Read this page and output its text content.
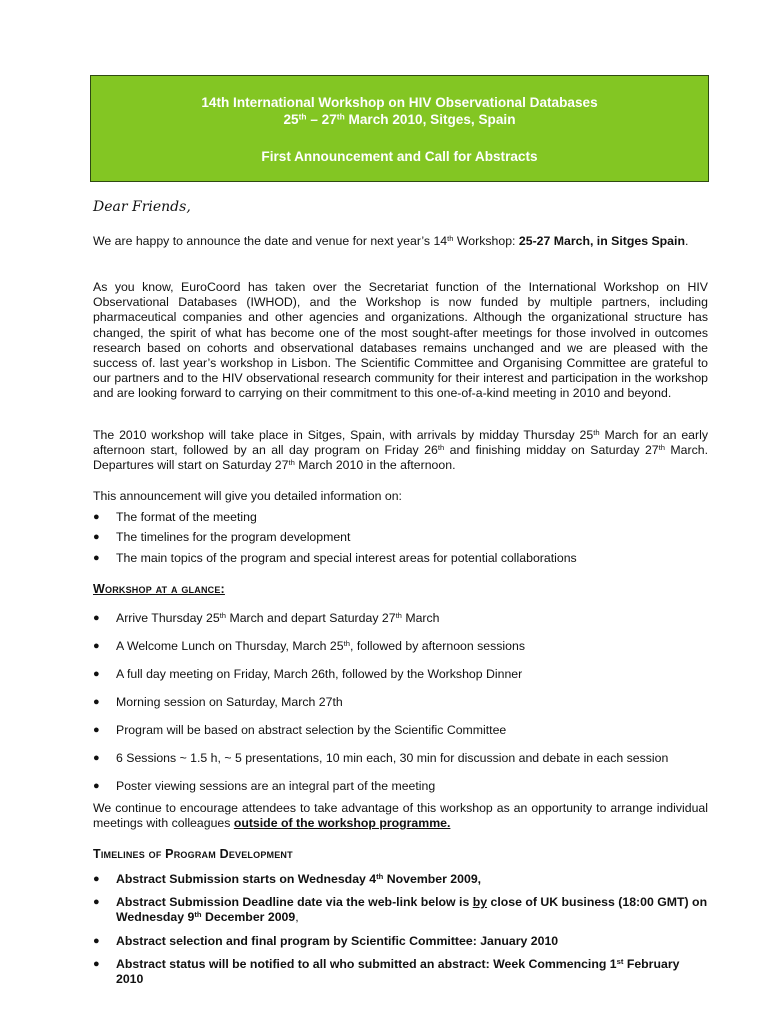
14th International Workshop on HIV Observational Databases
25th – 27th March 2010, Sitges, Spain
First Announcement and Call for Abstracts
Dear Friends,
We are happy to announce the date and venue for next year’s 14th Workshop: 25-27 March, in Sitges Spain.
As you know, EuroCoord has taken over the Secretariat function of the International Workshop on HIV Observational Databases (IWHOD), and the Workshop is now funded by multiple partners, including pharmaceutical companies and other agencies and organizations. Although the organizational structure has changed, the spirit of what has become one of the most sought-after meetings for those involved in outcomes research based on cohorts and observational databases remains unchanged and we are pleased with the success of. last year’s workshop in Lisbon. The Scientific Committee and Organising Committee are grateful to our partners and to the HIV observational research community for their interest and participation in the workshop and are looking forward to carrying on their commitment to this one-of-a-kind meeting in 2010 and beyond.
The 2010 workshop will take place in Sitges, Spain, with arrivals by midday Thursday 25th March for an early afternoon start, followed by an all day program on Friday 26th and finishing midday on Saturday 27th March. Departures will start on Saturday 27th March 2010 in the afternoon.
This announcement will give you detailed information on:
● The format of the meeting
● The timelines for the program development
● The main topics of the program and special interest areas for potential collaborations
Workshop at a glance:
● Arrive Thursday 25th March and depart Saturday 27th March
● A Welcome Lunch on Thursday, March 25th, followed by afternoon sessions
● A full day meeting on Friday, March 26th, followed by the Workshop Dinner
● Morning session on Saturday, March 27th
● Program will be based on abstract selection by the Scientific Committee
● 6 Sessions ~ 1.5 h, ~ 5 presentations, 10 min each, 30 min for discussion and debate in each session
● Poster viewing sessions are an integral part of the meeting
We continue to encourage attendees to take advantage of this workshop as an opportunity to arrange individual meetings with colleagues outside of the workshop programme.
Timelines of Program Development
● Abstract Submission starts on Wednesday 4th November 2009,
● Abstract Submission Deadline date via the web-link below is by close of UK business (18:00 GMT) on Wednesday 9th December 2009,
● Abstract selection and final program by Scientific Committee: January 2010
● Abstract status will be notified to all who submitted an abstract: Week Commencing 1st February 2010
